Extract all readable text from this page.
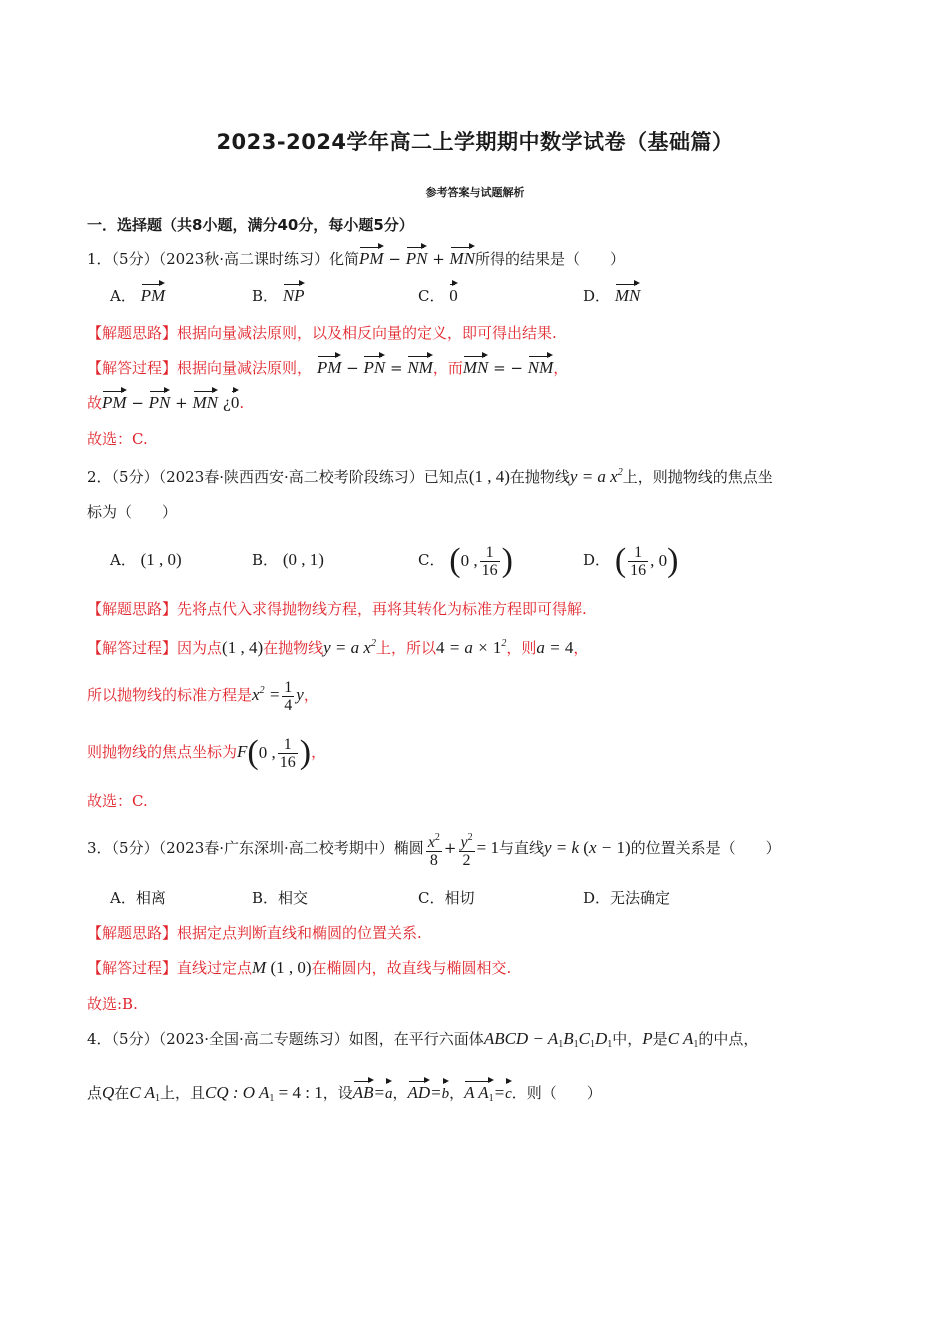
2023-2024学年高二上学期期中数学试卷（基础篇）
参考答案与试题解析
一．选择题（共8小题，满分40分，每小题5分）
1．（5分）（2023秋·高二课时练习）化简PM − PN + MN所得的结果是（　　）
A． PM	B． NP	C． 0	D． MN
【解题思路】根据向量减法原则，以及相反向量的定义，即可得出结果.
【解答过程】根据向量减法原则， PM − PN = NM，而MN = − NM，
故PM − PN + MN ¿0.
故选：C.
2．（5分）（2023春·陕西西安·高二校考阶段练习）已知点(1 , 4)在抛物线y = a $x^2$上，则抛物线的焦点坐
标为（　　）
A． (1 , 0)	B． (0 , 1)	C． (0 , $\frac{1}{16}$ )	D． ( $\frac{1}{16}$ , 0)
【解题思路】先将点代入求得抛物线方程，再将其转化为标准方程即可得解.
【解答过程】因为点(1 , 4)在抛物线y = a $x^2$上，所以$4 = a \times 1^2$，则a = 4，
所以抛物线的标准方程是$x^2 = \frac{1}{4}$ y，
则抛物线的焦点坐标为F(0 , $\frac{1}{16}$ )，
故选：C.
3．（5分）（2023春·广东深圳·高二校考期中）椭圆 $\frac{x^2}{8} + \frac{y^2}{2} = 1$与直线y = k (x − 1)的位置关系是（　　）
A．相离	B．相交	C．相切	D．无法确定
【解题思路】根据定点判断直线和椭圆的位置关系.
【解答过程】直线过定点M (1 , 0)在椭圆内，故直线与椭圆相交.
故选:B.
4．（5分）（2023·全国·高二专题练习）如图，在平行六面体ABCD − $A_1B_1C_1D_1$中，P是C $A_1$的中点，
点Q在C $A_1$上，且CQ : O $A_1 = 4$ : 1，设AB=a，AD=b，A $A_1=c$．则（　　）
